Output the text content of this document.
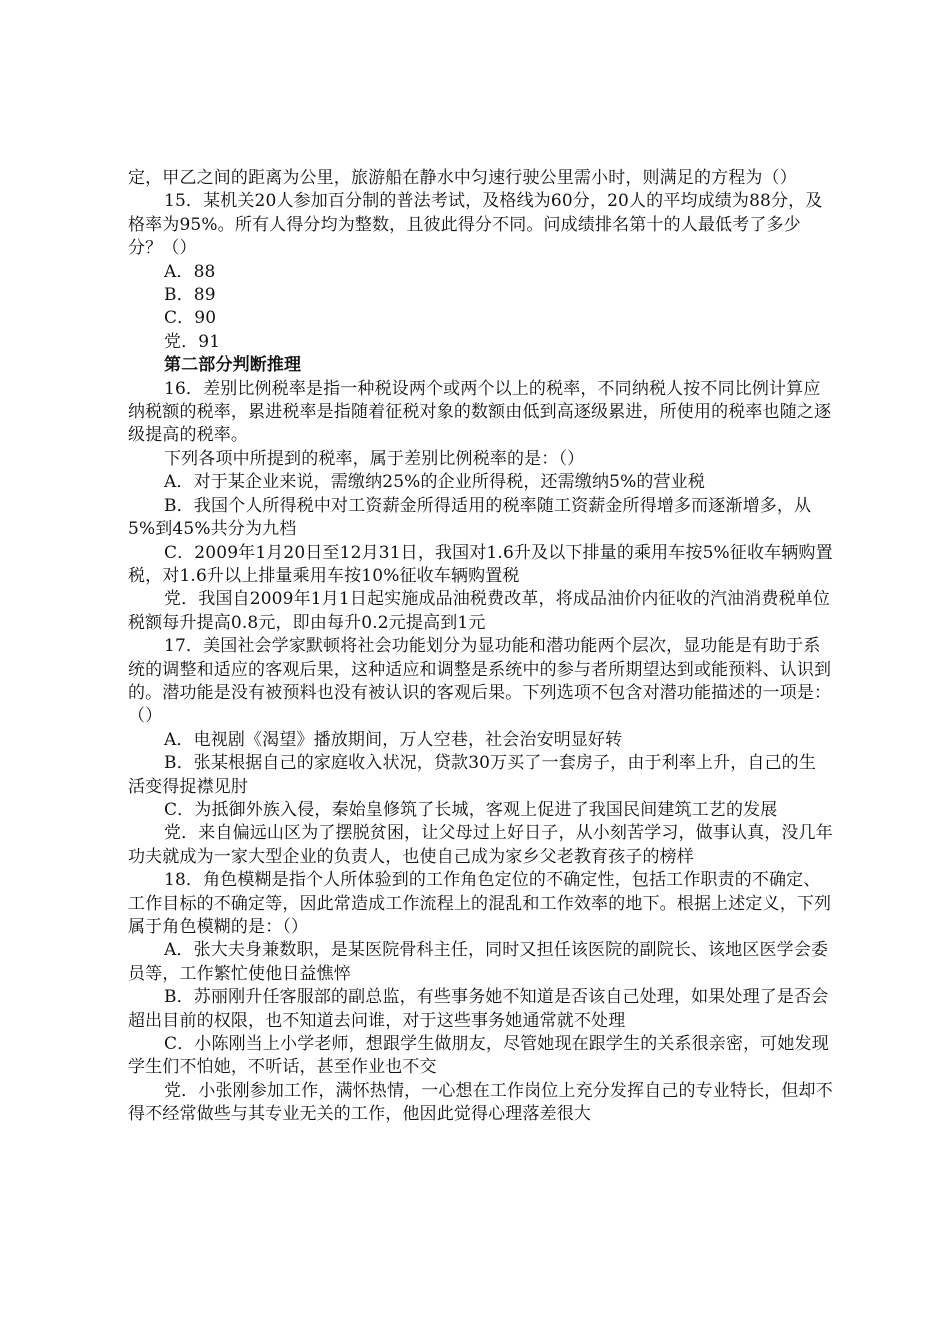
定，甲乙之间的距离为公里，旅游船在静水中匀速行驶公里需小时，则满足的方程为（）

15．某机关20人参加百分制的普法考试，及格线为60分，20人的平均成绩为88分，及格率为95%。所有人得分均为整数，且彼此得分不同。问成绩排名第十的人最低考了多少分？（）

A．88

B．89

C．90

党．91

第二部分判断推理

16．差别比例税率是指一种税设两个或两个以上的税率，不同纳税人按不同比例计算应纳税额的税率，累进税率是指随着征税对象的数额由低到高逐级累进，所使用的税率也随之逐级提高的税率。

下列各项中所提到的税率，属于差别比例税率的是：（）

A．对于某企业来说，需缴纳25%的企业所得税，还需缴纳5%的营业税

B．我国个人所得税中对工资薪金所得适用的税率随工资薪金所得增多而逐渐增多，从5%到45%共分为九档

C．2009年1月20日至12月31日，我国对1.6升及以下排量的乘用车按5%征收车辆购置税，对1.6升以上排量乘用车按10%征收车辆购置税

党．我国自2009年1月1日起实施成品油税费改革，将成品油价内征收的汽油消费税单位税额每升提高0.8元，即由每升0.2元提高到1元

17．美国社会学家默顿将社会功能划分为显功能和潜功能两个层次，显功能是有助于系统的调整和适应的客观后果，这种适应和调整是系统中的参与者所期望达到或能预料、认识到的。潜功能是没有被预料也没有被认识的客观后果。下列选项不包含对潜功能描述的一项是：（）

A．电视剧《渴望》播放期间，万人空巷，社会治安明显好转

B．张某根据自己的家庭收入状况，贷款30万买了一套房子，由于利率上升，自己的生活变得捉襟见肘

C．为抵御外族入侵，秦始皇修筑了长城，客观上促进了我国民间建筑工艺的发展

党．来自偏远山区为了摆脱贫困，让父母过上好日子，从小刻苦学习，做事认真，没几年功夫就成为一家大型企业的负责人，也使自己成为家乡父老教育孩子的榜样

18．角色模糊是指个人所体验到的工作角色定位的不确定性，包括工作职责的不确定、工作目标的不确定等，因此常造成工作流程上的混乱和工作效率的地下。根据上述定义，下列属于角色模糊的是：（）

A．张大夫身兼数职，是某医院骨科主任，同时又担任该医院的副院长、该地区医学会委员等，工作繁忙使他日益憔悴

B．苏丽刚升任客服部的副总监，有些事务她不知道是否该自己处理，如果处理了是否会超出目前的权限，也不知道去问谁，对于这些事务她通常就不处理

C．小陈刚当上小学老师，想跟学生做朋友，尽管她现在跟学生的关系很亲密，可她发现学生们不怕她，不听话，甚至作业也不交

党．小张刚参加工作，满怀热情，一心想在工作岗位上充分发挥自己的专业特长，但却不得不经常做些与其专业无关的工作，他因此觉得心理落差很大
